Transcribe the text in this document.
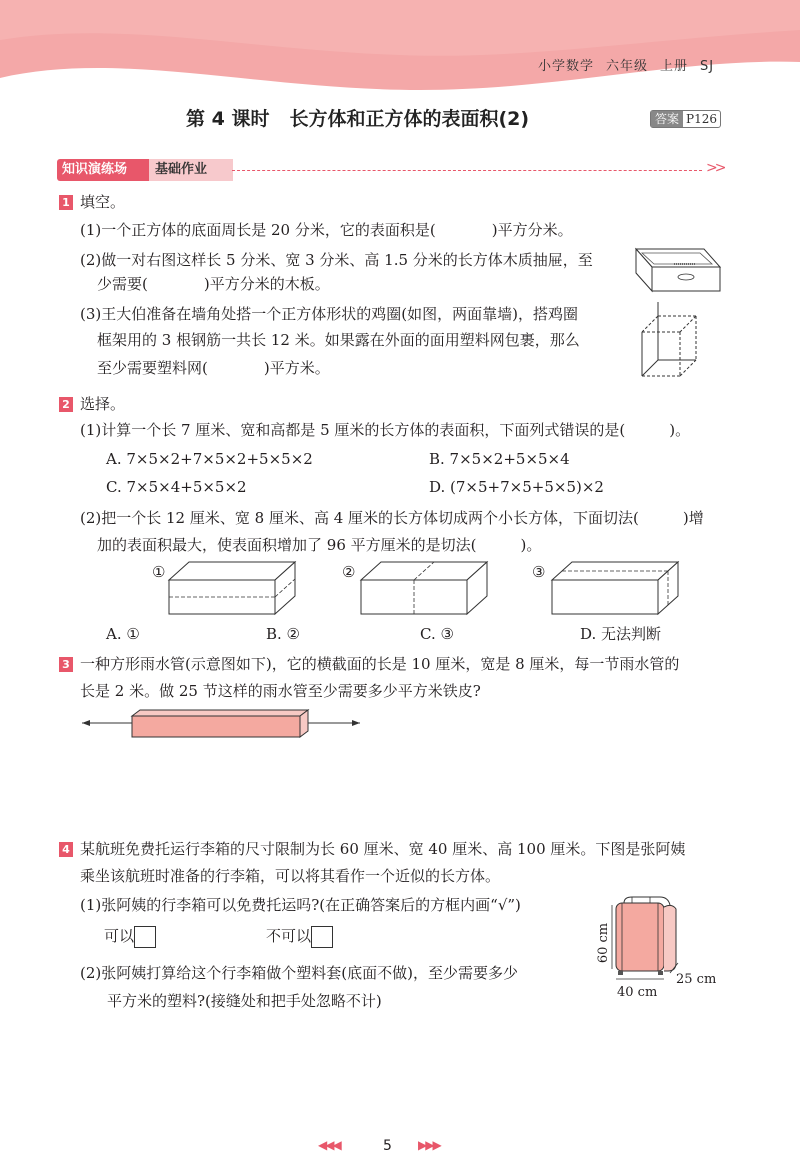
小学数学 六年级 上册 SJ
第 4 课时 长方体和正方体的表面积(2)	答案 P126
基础作业
知识演练场	>>
1 填空。
(1)一个正方体的底面周长是 20 分米，它的表面积是(	)平方分米。
(2)做一对右图这样长 5 分米、宽 3 分米、高 1.5 分米的长方体木质抽屉，至
少需要(	)平方分米的木板。
(3)王大伯准备在墙角处搭一个正方体形状的鸡圈(如图，两面靠墙)，搭鸡圈
框架用的 3 根钢筋一共长 12 米。如果露在外面的面用塑料网包裹，那么
至少需要塑料网(	)平方米。
2 选择。
(1)计算一个长 7 厘米、宽和高都是 5 厘米的长方体的表面积，下面列式错误的是(	)。
A. 7×5×2+7×5×2+5×5×2	B. 7×5×2+5×5×4
C. 7×5×4+5×5×2	D. (7×5+7×5+5×5)×2
(2)把一个长 12 厘米、宽 8 厘米、高 4 厘米的长方体切成两个小长方体，下面切法(	)增
加的表面积最大，使表面积增加了 96 平方厘米的是切法(	)。
①	②	③
A. ①	B. ②	C. ③	D. 无法判断
3 一种方形雨水管(示意图如下)，它的横截面的长是 10 厘米，宽是 8 厘米，每一节雨水管的
长是 2 米。做 25 节这样的雨水管至少需要多少平方米铁皮?
4 某航班免费托运行李箱的尺寸限制为长 60 厘米、宽 40 厘米、高 100 厘米。下图是张阿姨
乘坐该航班时准备的行李箱，可以将其看作一个近似的长方体。
(1)张阿姨的行李箱可以免费托运吗?(在正确答案后的方框内画“√”)
可以	不可以
(2)张阿姨打算给这个行李箱做个塑料套(底面不做)，至少需要多少
平方米的塑料?(接缝处和把手处忽略不计)
60 cm
40 cm
25 cm
◀◀◀	5 ▶▶▶
